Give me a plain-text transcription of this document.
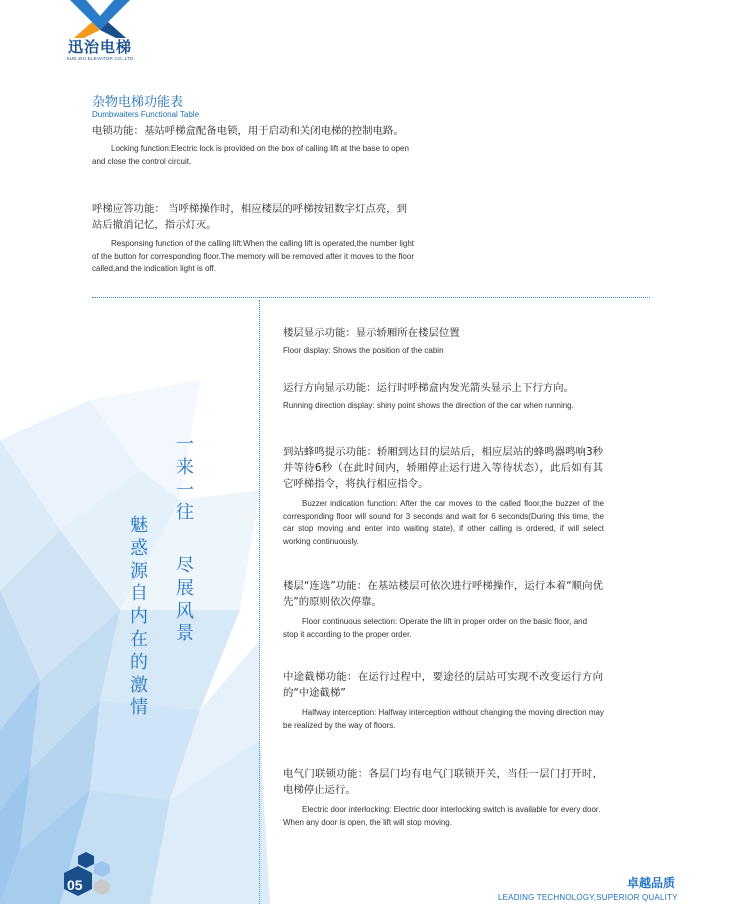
迅治电梯
XUN ZHI ELEVATOR CO.,LTD
杂物电梯功能表
Dumbwaiters Functional Table
电锁功能：基站呼梯盒配备电锁，用于启动和关闭电梯的控制电路。
Locking function:Electric lock is provided on the box of calling lift at the base to open and close the control circuit.
呼梯应答功能： 当呼梯操作时，相应楼层的呼梯按钮数字灯点亮，到站后撤消记忆，指示灯灭。
Responsing function of the calling lift:When the calling lift is operated,the number light of the button for corresponding floor.The memory will be removed after it moves to the floor called,and the indication light is off.
一来一往
尽展风景
魅惑源自内在的激情
楼层显示功能：显示轿厢所在楼层位置
Floor display: Shows the position of the cabin
运行方向显示功能：运行时呼梯盒内发光箭头显示上下行方向。
Running direction display: shiny point shows the direction of the car when running.
到站蜂鸣提示功能：轿厢到达目的层站后，相应层站的蜂鸣器鸣响3秒并等待6秒（在此时间内，轿厢停止运行进入等待状态），此后如有其它呼梯指令，将执行相应指令。
Buzzer indication function: After the car moves to the called floor,the buzzer of the corresponding floor will sound for 3 seconds and wait for 6 seconds(During this time, the car stop moving and enter into waiting state), if other calling is ordered, if will select working continuously.
楼层“连选”功能：在基站楼层可依次进行呼梯操作，运行本着“顺向优先”的原则依次停靠。
Floor continuous selection: Operate the lift in proper order on the basic floor, and stop it according to the proper order.
中途截梯功能：在运行过程中，要途径的层站可实现不改变运行方向的“中途截梯”
Halfway interception: Halfway interception without changing the moving direction may be realized by the way of floors.
电气门联锁功能：各层门均有电气门联锁开关，当任一层门打开时，电梯停止运行。
Electric door interlocking: Electric door interlocking switch is available for every door. When any door is open, the lift will stop moving.
05	卓越品质
LEADING TECHNOLOGY,SUPERIOR QUALITY
